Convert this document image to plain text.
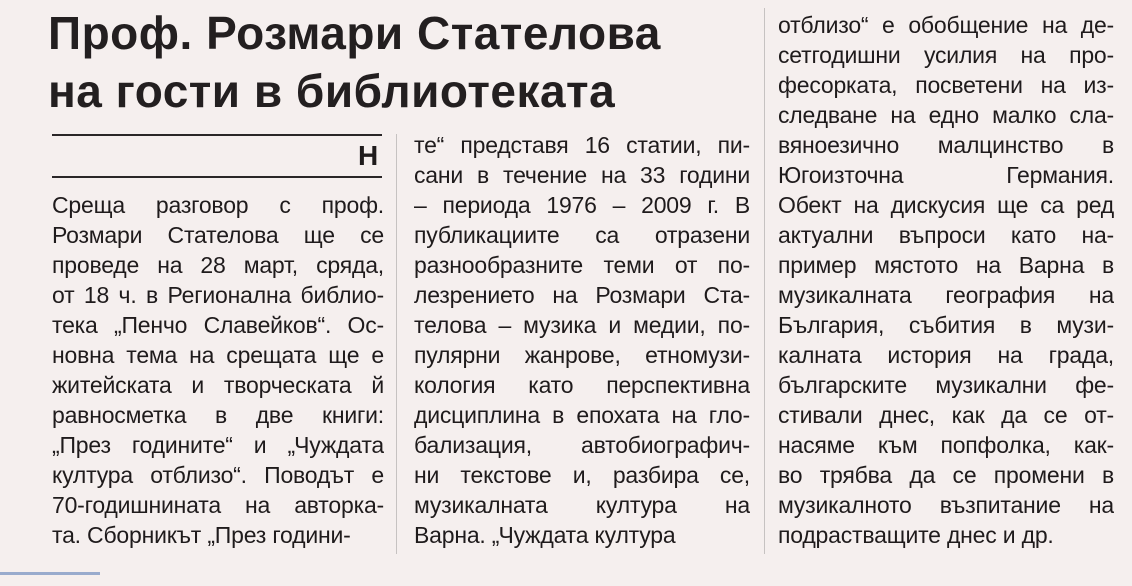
Проф. Розмари Стателова
на гости в библиотеката
Н
Среща разговор с проф.
Розмари Стателова ще се
проведе на 28 март, сряда,
от 18 ч. в Регионална библио-
тека „Пенчо Славейков“. Ос-
новна тема на срещата ще е
житейската и творческата й
равносметка в две книги:
„През годините“ и „Чуждата
култура отблизо“. Поводът е
70-годишнината на авторка-
та. Сборникът „През години-
те“ представя 16 статии, пи-
сани в течение на 33 години
– периода 1976 – 2009 г. В
публикациите са отразени
разнообразните теми от по-
лезрението на Розмари Ста-
телова – музика и медии, по-
пулярни жанрове, етномузи-
кология като перспективна
дисциплина в епохата на гло-
бализация, автобиографич-
ни текстове и, разбира се,
музикалната култура на
Варна. „Чуждата култура
отблизо“ е обобщение на де-
сетгодишни усилия на про-
фесорката, посветени на из-
следване на едно малко сла-
вяноезично малцинство в
Югоизточна Германия.
Обект на дискусия ще са ред
актуални въпроси като на-
пример мястото на Варна в
музикалната география на
България, събития в музи-
калната история на града,
българските музикални фе-
стивали днес, как да се от-
насяме към попфолка, как-
во трябва да се промени в
музикалното възпитание на
подрастващите днес и др.
